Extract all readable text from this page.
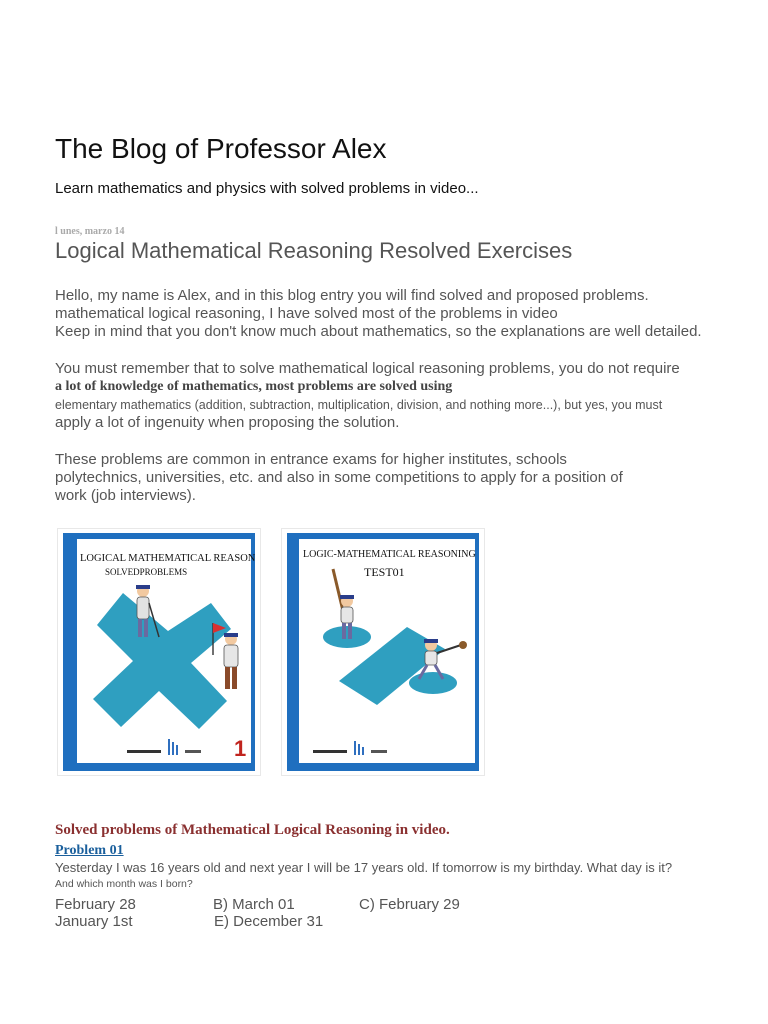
The Blog of Professor Alex
Learn mathematics and physics with solved problems in video...
l unes, marzo 14
Logical Mathematical Reasoning Resolved Exercises
Hello, my name is Alex, and in this blog entry you will find solved and proposed problems.
mathematical logical reasoning, I have solved most of the problems in video
Keep in mind that you don't know much about mathematics, so the explanations are well detailed.
You must remember that to solve mathematical logical reasoning problems, you do not require
a lot of knowledge of mathematics, most problems are solved using
elementary mathematics (addition, subtraction, multiplication, division, and nothing more...), but yes, you must
apply a lot of ingenuity when proposing the solution.
These problems are common in entrance exams for higher institutes, schools
polytechnics, universities, etc. and also in some competitions to apply for a position of
work (job interviews).
LOGICAL MATHEMATICAL REASON
SOLVEDPROBLEMS
1
LOGIC-MATHEMATICAL REASONING
TEST01
Solved problems of Mathematical Logical Reasoning in video.
Problem 01
Yesterday I was 16 years old and next year I will be 17 years old. If tomorrow is my birthday. What day is it?
And which month was I born?
February 28	B) March 01	C) February 29
January 1st	E) December 31
